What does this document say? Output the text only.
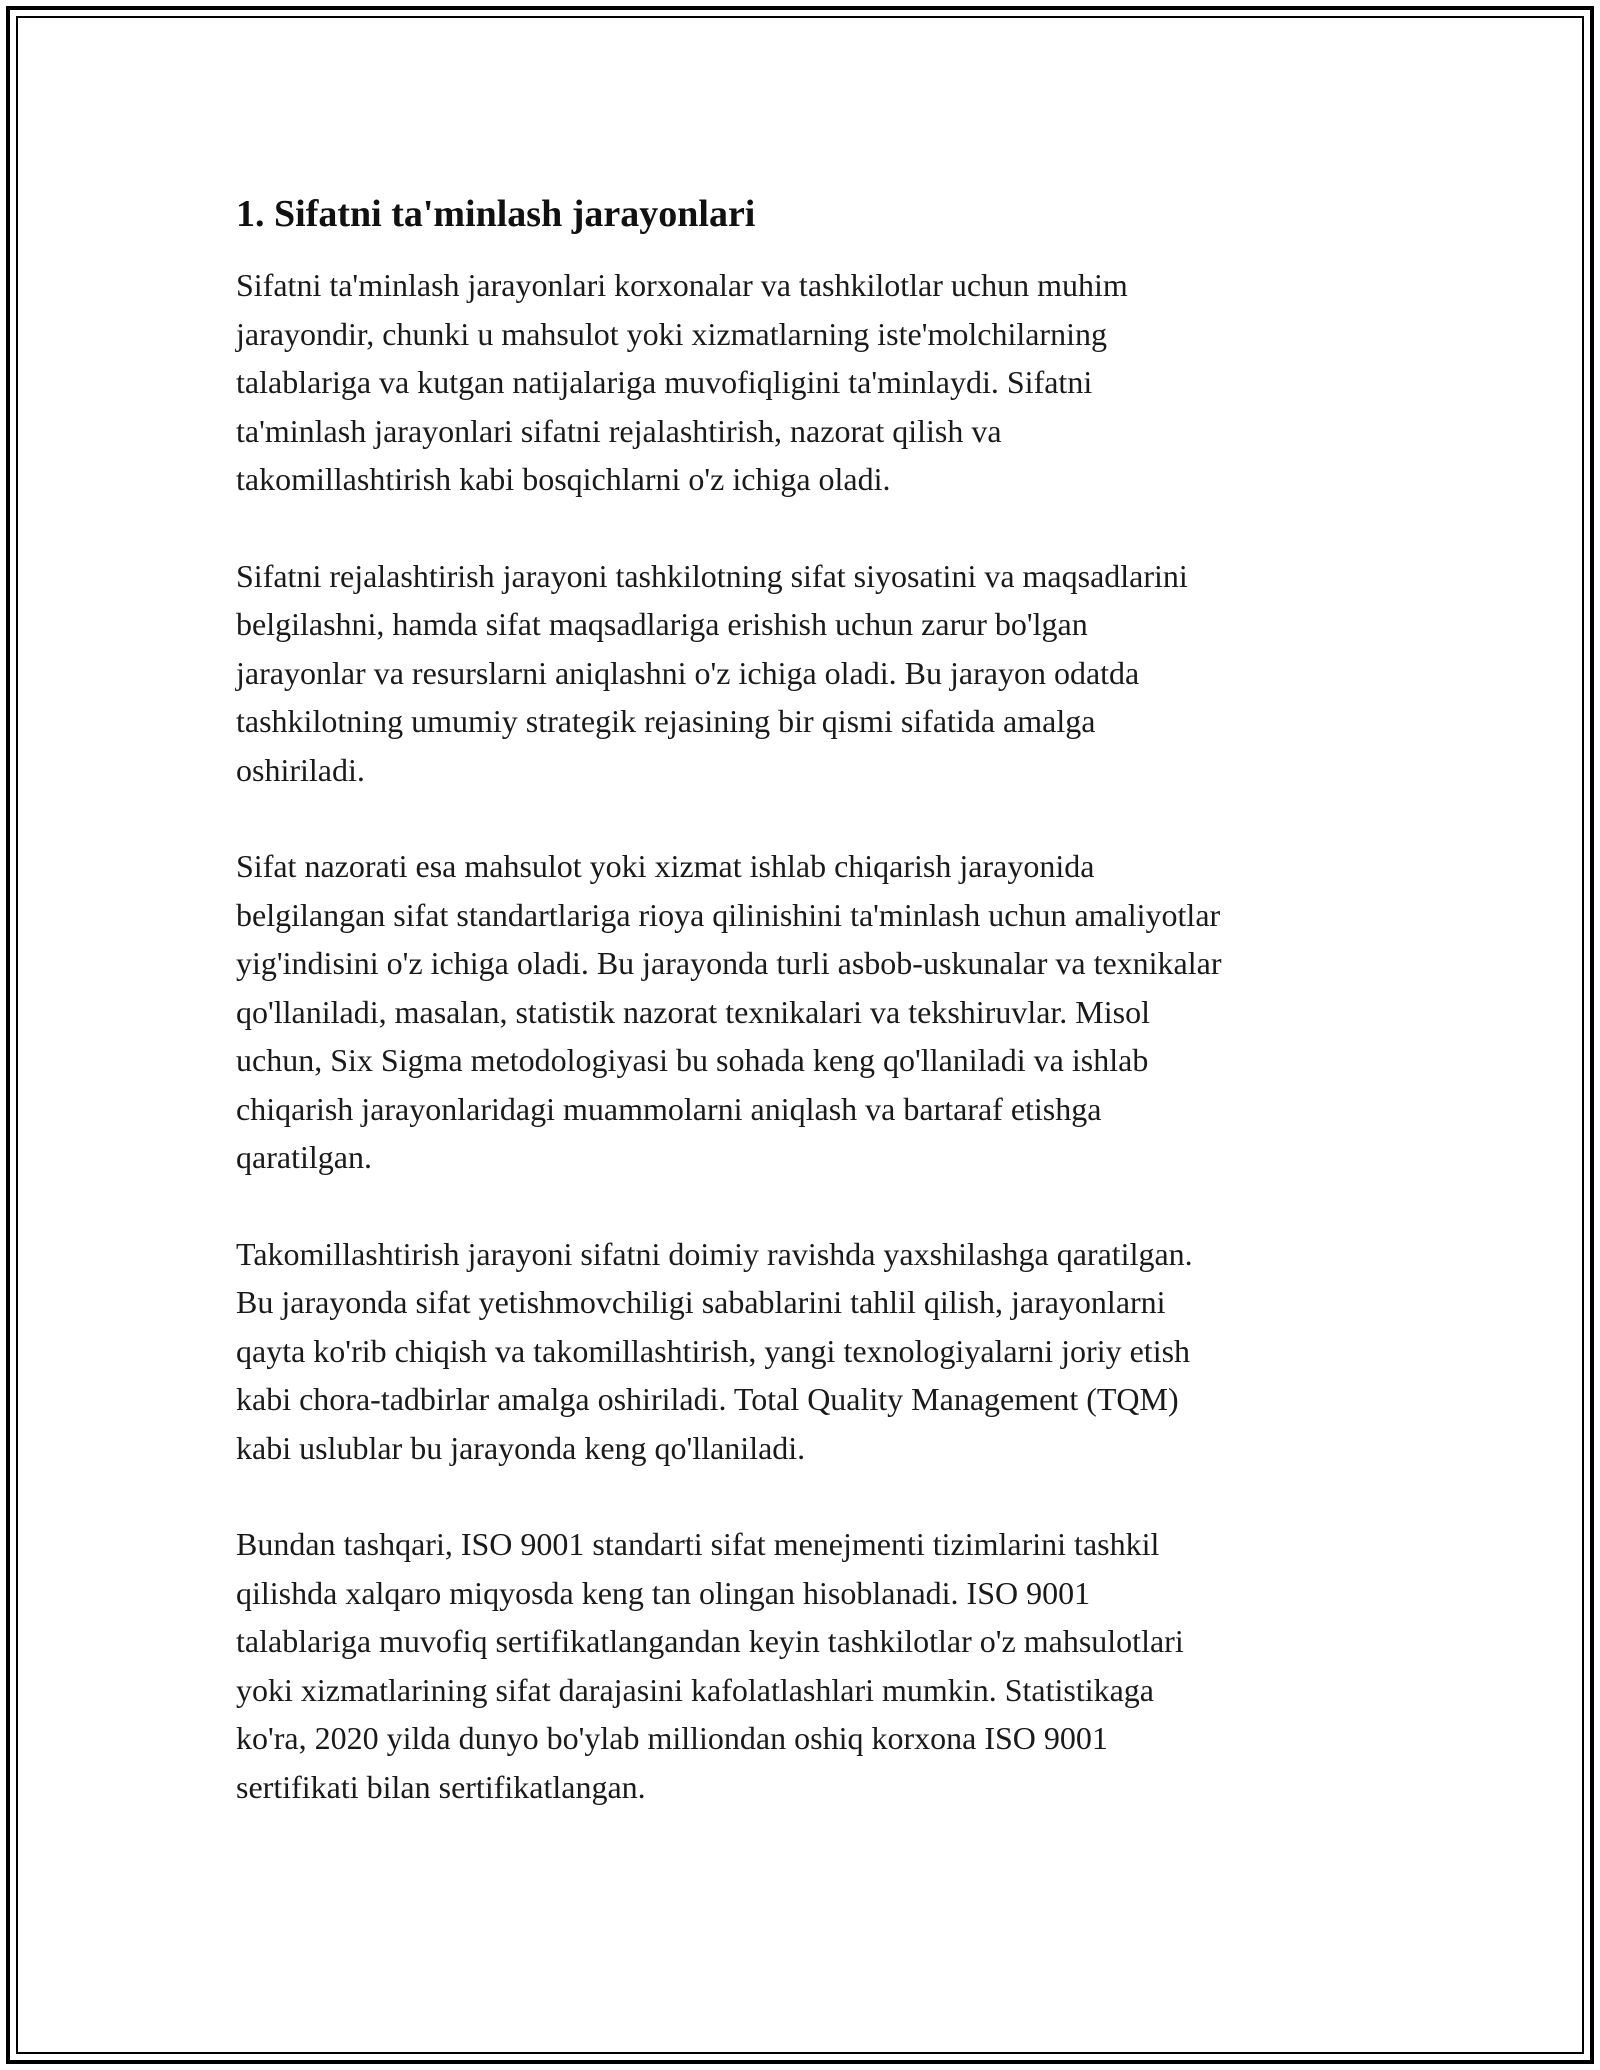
1. Sifatni ta'minlash jarayonlari

Sifatni ta'minlash jarayonlari korxonalar va tashkilotlar uchun muhim
jarayondir, chunki u mahsulot yoki xizmatlarning iste'molchilarning
talablariga va kutgan natijalariga muvofiqligini ta'minlaydi. Sifatni
ta'minlash jarayonlari sifatni rejalashtirish, nazorat qilish va
takomillashtirish kabi bosqichlarni o'z ichiga oladi.

Sifatni rejalashtirish jarayoni tashkilotning sifat siyosatini va maqsadlarini
belgilashni, hamda sifat maqsadlariga erishish uchun zarur bo'lgan
jarayonlar va resurslarni aniqlashni o'z ichiga oladi. Bu jarayon odatda
tashkilotning umumiy strategik rejasining bir qismi sifatida amalga
oshiriladi.

Sifat nazorati esa mahsulot yoki xizmat ishlab chiqarish jarayonida
belgilangan sifat standartlariga rioya qilinishini ta'minlash uchun amaliyotlar
yig'indisini o'z ichiga oladi. Bu jarayonda turli asbob-uskunalar va texnikalar
qo'llaniladi, masalan, statistik nazorat texnikalari va tekshiruvlar. Misol
uchun, Six Sigma metodologiyasi bu sohada keng qo'llaniladi va ishlab
chiqarish jarayonlaridagi muammolarni aniqlash va bartaraf etishga
qaratilgan.

Takomillashtirish jarayoni sifatni doimiy ravishda yaxshilashga qaratilgan.
Bu jarayonda sifat yetishmovchiligi sabablarini tahlil qilish, jarayonlarni
qayta ko'rib chiqish va takomillashtirish, yangi texnologiyalarni joriy etish
kabi chora-tadbirlar amalga oshiriladi. Total Quality Management (TQM)
kabi uslublar bu jarayonda keng qo'llaniladi.

Bundan tashqari, ISO 9001 standarti sifat menejmenti tizimlarini tashkil
qilishda xalqaro miqyosda keng tan olingan hisoblanadi. ISO 9001
talablariga muvofiq sertifikatlangandan keyin tashkilotlar o'z mahsulotlari
yoki xizmatlarining sifat darajasini kafolatlashlari mumkin. Statistikaga
ko'ra, 2020 yilda dunyo bo'ylab milliondan oshiq korxona ISO 9001
sertifikati bilan sertifikatlangan.
